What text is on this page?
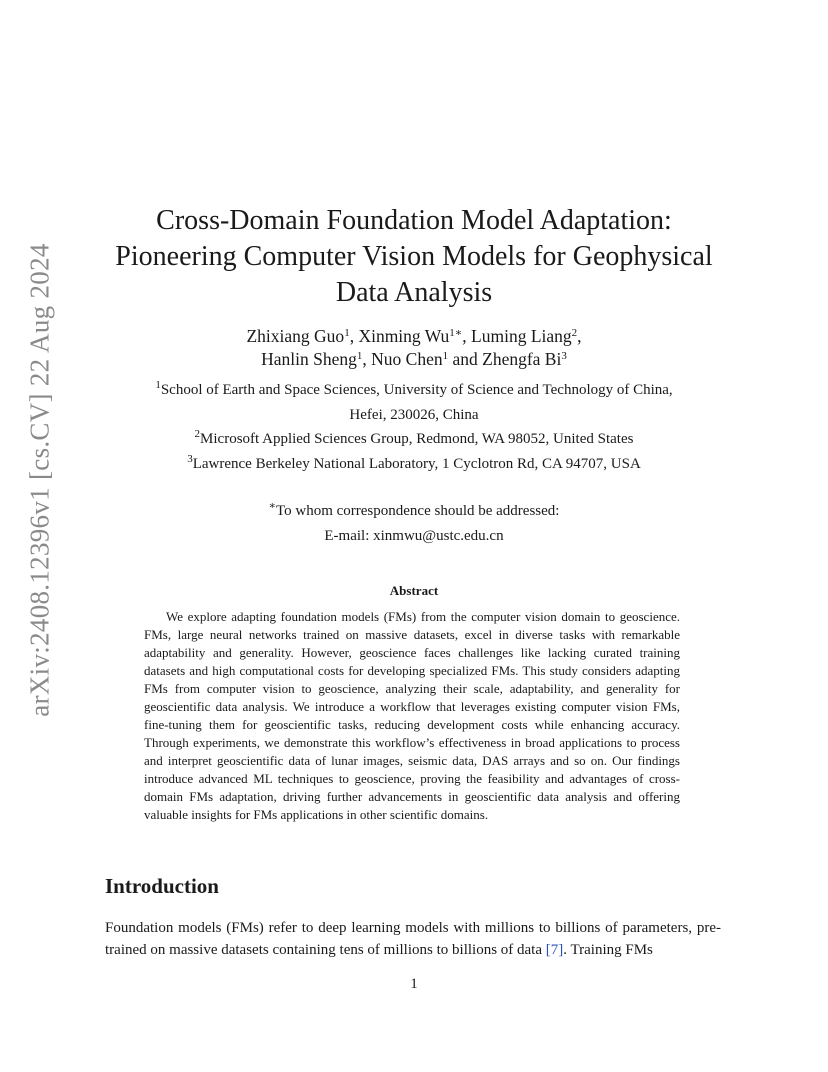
arXiv:2408.12396v1 [cs.CV] 22 Aug 2024
Cross-Domain Foundation Model Adaptation:
Pioneering Computer Vision Models for Geophysical
Data Analysis
Zhixiang Guo$^1$, Xinming $Wu^{1∗}$, Luming Liang$^2$,
Hanlin Sheng$^1$, Nuo Chen$^1$ and Zhengfa Bi$^3$
$^1$School of Earth and Space Sciences, University of Science and Technology of China,
Hefei, 230026, China
$^2$Microsoft Applied Sciences Group, Redmond, WA 98052, United States
$^3$Lawrence Berkeley National Laboratory, 1 Cyclotron Rd, CA 94707, USA
∗To whom correspondence should be addressed:
E-mail: xinmwu@ustc.edu.cn
Abstract

We explore adapting foundation models (FMs) from the computer vision domain to geoscience. FMs, large neural networks trained on massive datasets, excel in diverse tasks with remarkable adaptability and generality. However, geoscience faces challenges like lacking curated training datasets and high computational costs for developing specialized FMs. This study considers adapting FMs from computer vision to geoscience, analyzing their scale, adaptability, and generality for geoscientific data analysis. We introduce a workflow that leverages existing computer vision FMs, fine-tuning them for geoscientific tasks, reducing development costs while enhancing accuracy. Through experiments, we demonstrate this workflow’s effectiveness in broad applications to process and interpret geoscientific data of lunar images, seismic data, DAS arrays and so on. Our findings introduce advanced ML techniques to geoscience, proving the feasibility and advantages of cross-domain FMs adaptation, driving further advancements in geoscientific data analysis and offering valuable insights for FMs applications in other scientific domains.

Introduction

Foundation models (FMs) refer to deep learning models with millions to billions of parameters, pre-trained on massive datasets containing tens of millions to billions of data [7]. Training FMs

1
